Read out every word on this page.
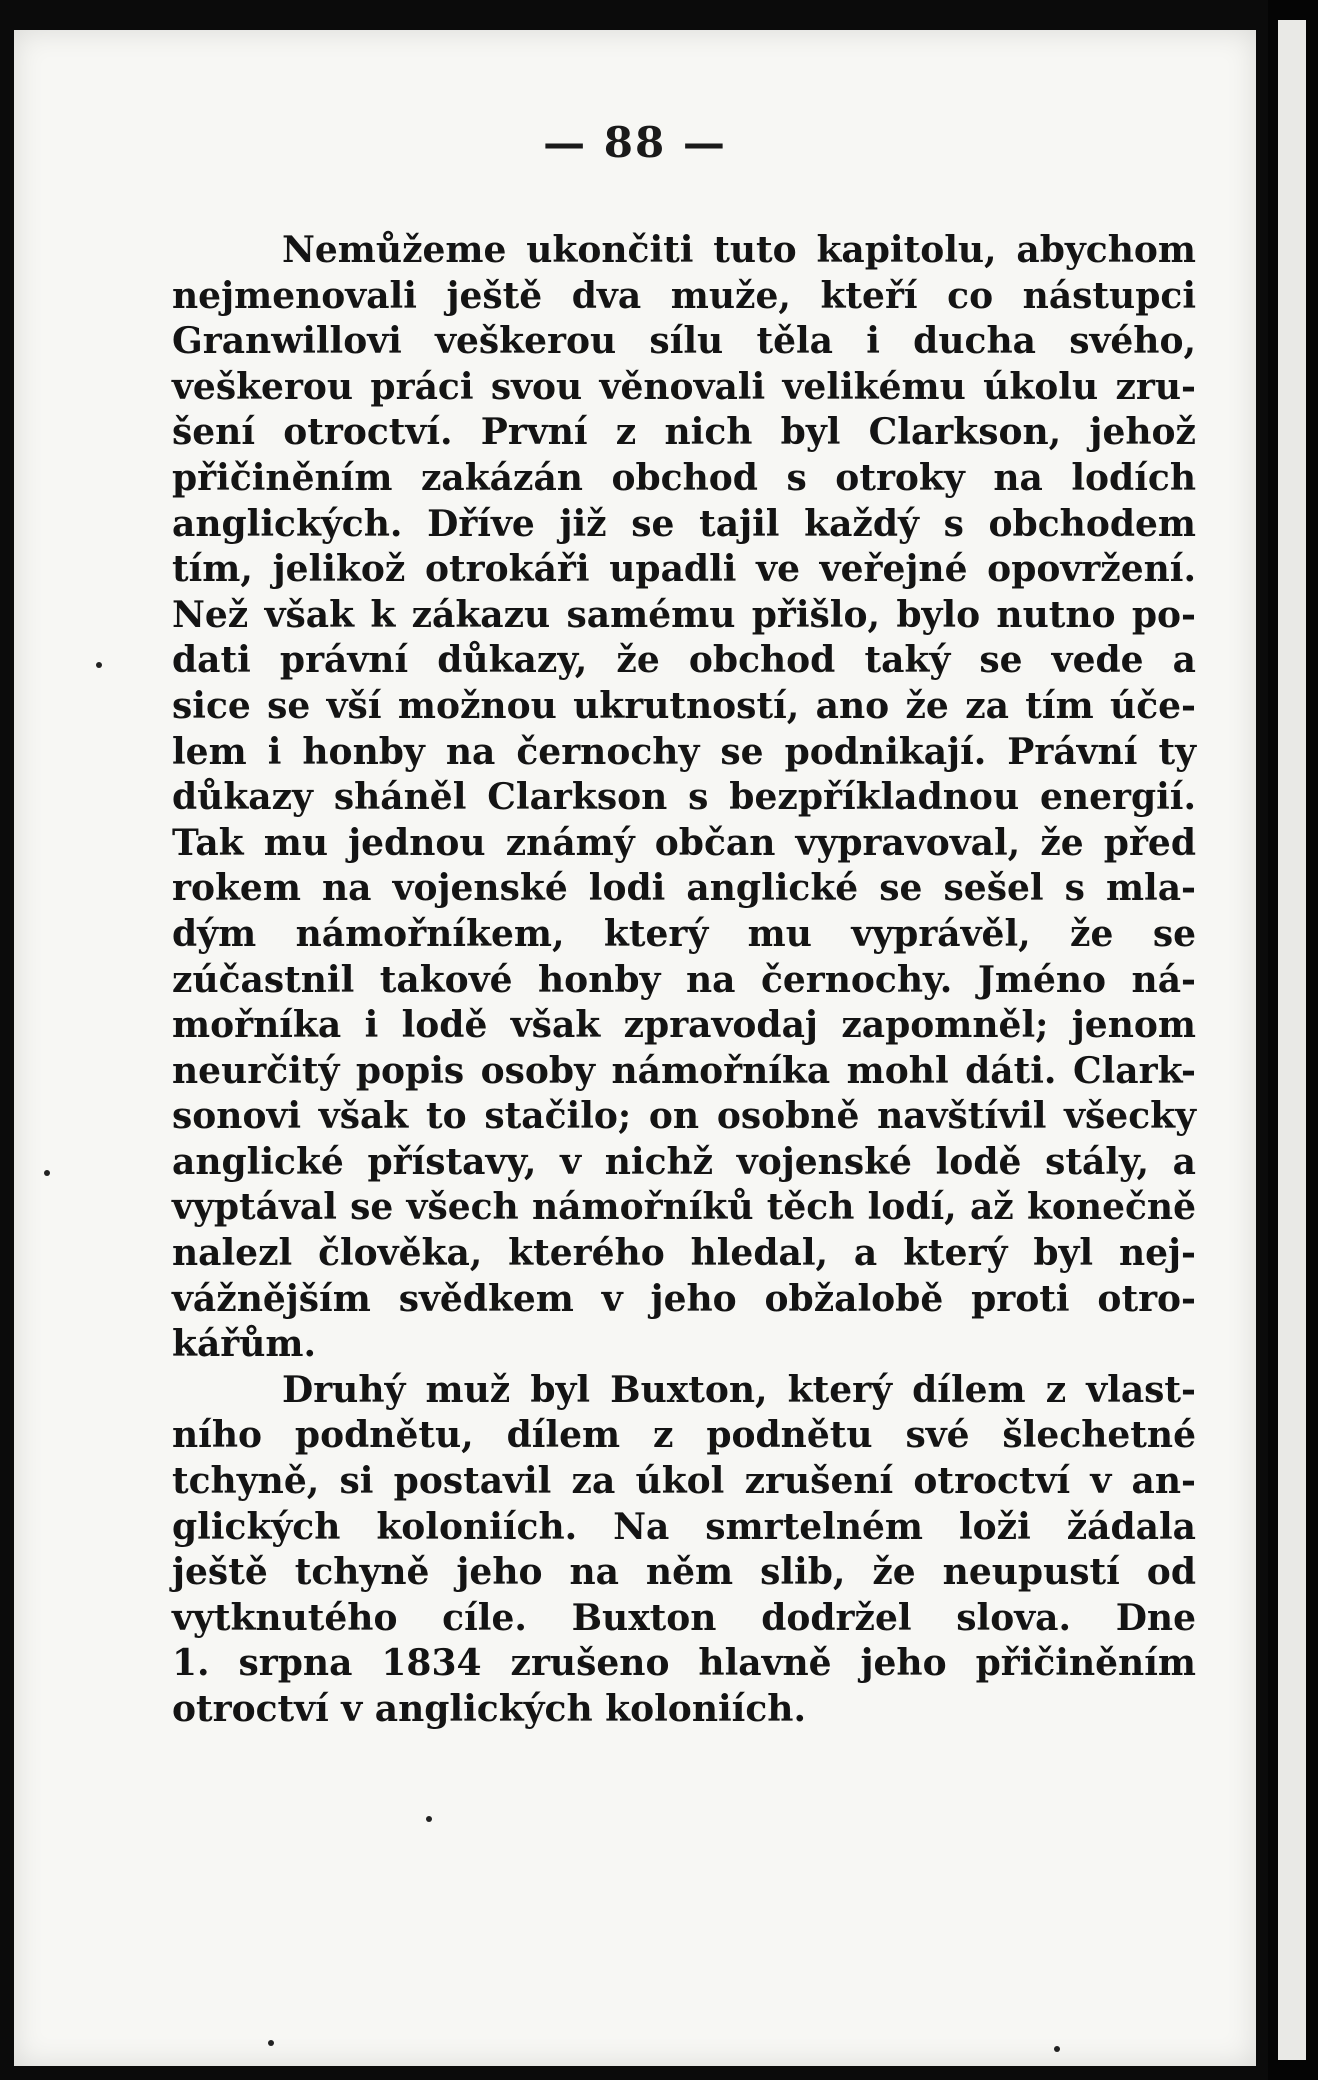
— 88 —
Nemůžeme ukončiti tuto kapitolu, abychom
nejmenovali ještě dva muže, kteří co nástupci
Granwillovi veškerou sílu těla i ducha svého,
veškerou práci svou věnovali velikému úkolu zru-
šení otroctví. První z nich byl Clarkson, jehož
přičiněním zakázán obchod s otroky na lodích
anglických. Dříve již se tajil každý s obchodem
tím, jelikož otrokáři upadli ve veřejné opovržení.
Než však k zákazu samému přišlo, bylo nutno po-
dati právní důkazy, že obchod taký se vede a
sice se vší možnou ukrutností, ano že za tím úče-
lem i honby na černochy se podnikají. Právní ty
důkazy sháněl Clarkson s bezpříkladnou energií.
Tak mu jednou známý občan vypravoval, že před
rokem na vojenské lodi anglické se sešel s mla-
dým námořníkem, který mu vyprávěl, že se
zúčastnil takové honby na černochy. Jméno ná-
mořníka i lodě však zpravodaj zapomněl; jenom
neurčitý popis osoby námořníka mohl dáti. Clark-
sonovi však to stačilo; on osobně navštívil všecky
anglické přístavy, v nichž vojenské lodě stály, a
vyptával se všech námořníků těch lodí, až konečně
nalezl člověka, kterého hledal, a který byl nej-
vážnějším svědkem v jeho obžalobě proti otro-
kářům.
Druhý muž byl Buxton, který dílem z vlast-
ního podnětu, dílem z podnětu své šlechetné
tchyně, si postavil za úkol zrušení otroctví v an-
glických koloniích. Na smrtelném loži žádala
ještě tchyně jeho na něm slib, že neupustí od
vytknutého cíle. Buxton dodržel slova. Dne
1. srpna 1834 zrušeno hlavně jeho přičiněním
otroctví v anglických koloniích.
